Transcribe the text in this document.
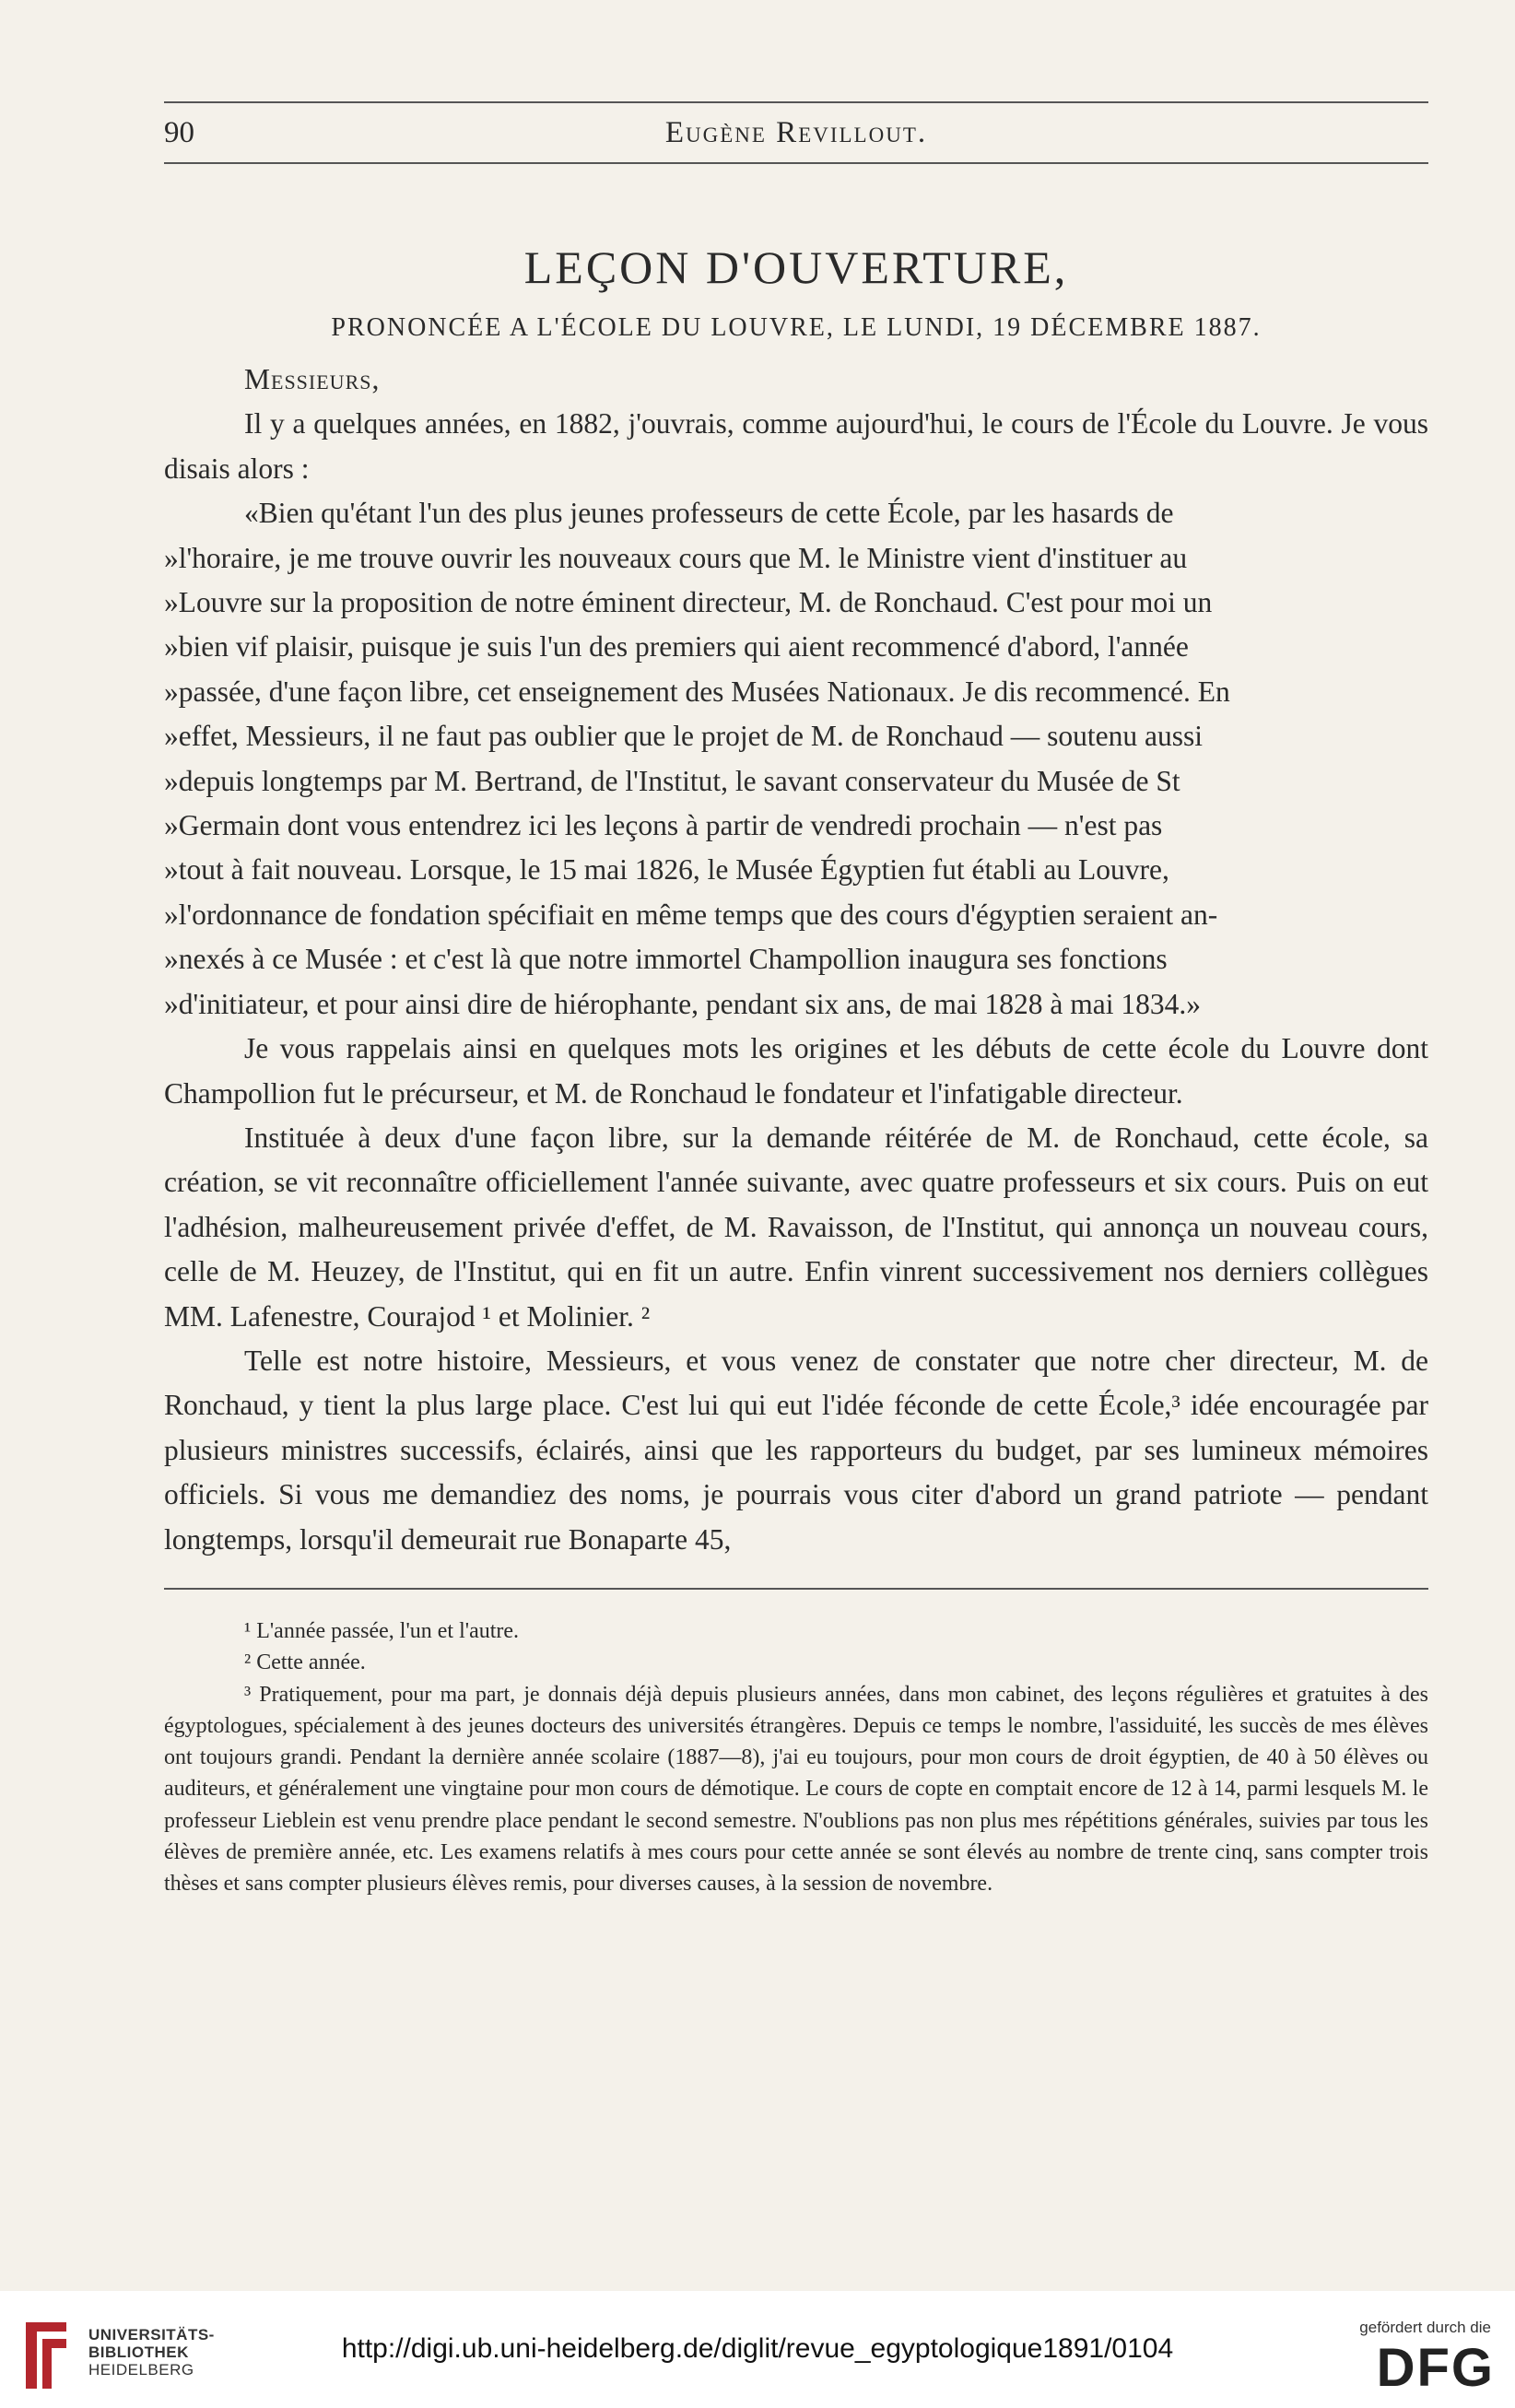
90	Eugène Revillout.
LEÇON D'OUVERTURE,
PRONONCÉE A L'ÉCOLE DU LOUVRE, LE LUNDI, 19 DÉCEMBRE 1887.
Messieurs,

Il y a quelques années, en 1882, j'ouvrais, comme aujourd'hui, le cours de l'École du Louvre. Je vous disais alors :

«Bien qu'étant l'un des plus jeunes professeurs de cette École, par les hasards de
»l'horaire, je me trouve ouvrir les nouveaux cours que M. le Ministre vient d'instituer au
»Louvre sur la proposition de notre éminent directeur, M. de Ronchaud. C'est pour moi un
»bien vif plaisir, puisque je suis l'un des premiers qui aient recommencé d'abord, l'année
»passée, d'une façon libre, cet enseignement des Musées Nationaux. Je dis recommencé. En
»effet, Messieurs, il ne faut pas oublier que le projet de M. de Ronchaud — soutenu aussi
»depuis longtemps par M. Bertrand, de l'Institut, le savant conservateur du Musée de St
»Germain dont vous entendrez ici les leçons à partir de vendredi prochain — n'est pas
»tout à fait nouveau. Lorsque, le 15 mai 1826, le Musée Égyptien fut établi au Louvre,
»l'ordonnance de fondation spécifiait en même temps que des cours d'égyptien seraient an-
»nexés à ce Musée : et c'est là que notre immortel Champollion inaugura ses fonctions
»d'initiateur, et pour ainsi dire de hiérophante, pendant six ans, de mai 1828 à mai 1834.»

Je vous rappelais ainsi en quelques mots les origines et les débuts de cette école du Louvre dont Champollion fut le précurseur, et M. de Ronchaud le fondateur et l'infatigable directeur.

Instituée à deux d'une façon libre, sur la demande réitérée de M. de Ronchaud, cette école, sa création, se vit reconnaître officiellement l'année suivante, avec quatre professeurs et six cours. Puis on eut l'adhésion, malheureusement privée d'effet, de M. Ravaisson, de l'Institut, qui annonça un nouveau cours, celle de M. Heuzey, de l'Institut, qui en fit un autre. Enfin vinrent successivement nos derniers collègues MM. Lafenestre, Courajod ¹ et Molinier. ²

Telle est notre histoire, Messieurs, et vous venez de constater que notre cher directeur, M. de Ronchaud, y tient la plus large place. C'est lui qui eut l'idée féconde de cette École,³ idée encouragée par plusieurs ministres successifs, éclairés, ainsi que les rapporteurs du budget, par ses lumineux mémoires officiels. Si vous me demandiez des noms, je pourrais vous citer d'abord un grand patriote — pendant longtemps, lorsqu'il demeurait rue Bonaparte 45,

¹ L'année passée, l'un et l'autre.

² Cette année.

³ Pratiquement, pour ma part, je donnais déjà depuis plusieurs années, dans mon cabinet, des leçons régulières et gratuites à des égyptologues, spécialement à des jeunes docteurs des universités étrangères. Depuis ce temps le nombre, l'assiduité, les succès de mes élèves ont toujours grandi. Pendant la dernière année scolaire (1887—8), j'ai eu toujours, pour mon cours de droit égyptien, de 40 à 50 élèves ou auditeurs, et généralement une vingtaine pour mon cours de démotique. Le cours de copte en comptait encore de 12 à 14, parmi lesquels M. le professeur Lieblein est venu prendre place pendant le second semestre. N'oublions pas non plus mes répétitions générales, suivies par tous les élèves de première année, etc. Les examens relatifs à mes cours pour cette année se sont élevés au nombre de trente cinq, sans compter trois thèses et sans compter plusieurs élèves remis, pour diverses causes, à la session de novembre.

UNIVERSITÄTS-
BIBLIOTHEK
HEIDELBERG
http://digi.ub.uni-heidelberg.de/diglit/revue_egyptologique1891/0104
gefördert durch die
DFG
